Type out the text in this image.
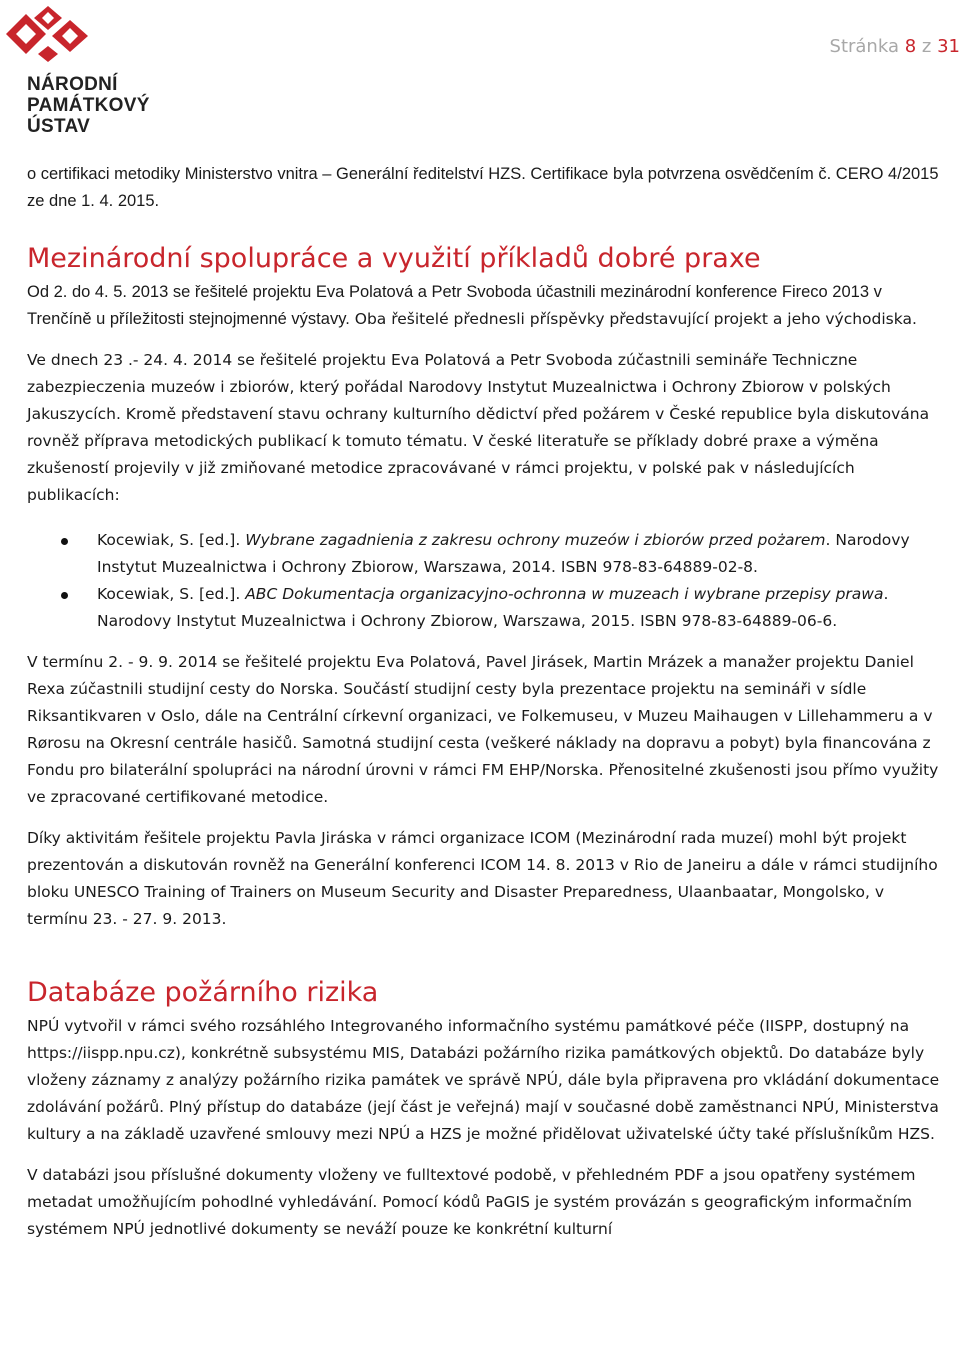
NÁRODNÍ
PAMÁTKOVÝ
ÚSTAV
Stránka 8 z 31

o certifikaci metodiky Ministerstvo vnitra – Generální ředitelství HZS. Certifikace byla potvrzena osvědčením č. CERO 4/2015 ze dne 1. 4. 2015.

Mezinárodní spolupráce a využití příkladů dobré praxe

Od 2. do 4. 5. 2013 se řešitelé projektu Eva Polatová a Petr Svoboda účastnili mezinárodní konference Fireco 2013 v Trenčíně u příležitosti stejnojmenné výstavy. Oba řešitelé přednesli příspěvky představující projekt a jeho východiska.

Ve dnech 23 .- 24. 4. 2014 se řešitelé projektu Eva Polatová a Petr Svoboda zúčastnili semináře Techniczne zabezpieczenia muzeów i zbiorów, který pořádal Narodovy Instytut Muzealnictwa i Ochrony Zbiorow v polských Jakuszycích. Kromě představení stavu ochrany kulturního dědictví před požárem v České republice byla diskutována rovněž příprava metodických publikací k tomuto tématu. V české literatuře se příklady dobré praxe a výměna zkušeností projevily v již zmiňované metodice zpracovávané v rámci projektu, v polské pak v následujících publikacích:

Kocewiak, S. [ed.]. Wybrane zagadnienia z zakresu ochrony muzeów i zbiorów przed pożarem. Narodovy Instytut Muzealnictwa i Ochrony Zbiorow, Warszawa, 2014. ISBN 978-83-64889-02-8.
Kocewiak, S. [ed.]. ABC Dokumentacja organizacyjno-ochronna w muzeach i wybrane przepisy prawa. Narodovy Instytut Muzealnictwa i Ochrony Zbiorow, Warszawa, 2015. ISBN 978-83-64889-06-6.

V termínu 2. - 9. 9. 2014 se řešitelé projektu Eva Polatová, Pavel Jirásek, Martin Mrázek a manažer projektu Daniel Rexa zúčastnili studijní cesty do Norska. Součástí studijní cesty byla prezentace projektu na semináři v sídle Riksantikvaren v Oslo, dále na Centrální církevní organizaci, ve Folkemuseu, v Muzeu Maihaugen v Lillehammeru a v Rørosu na Okresní centrále hasičů. Samotná studijní cesta (veškeré náklady na dopravu a pobyt) byla financována z Fondu pro bilaterální spolupráci na národní úrovni v rámci FM EHP/Norska. Přenositelné zkušenosti jsou přímo využity ve zpracované certifikované metodice.

Díky aktivitám řešitele projektu Pavla Jiráska v rámci organizace ICOM (Mezinárodní rada muzeí) mohl být projekt prezentován a diskutován rovněž na Generální konferenci ICOM 14. 8. 2013 v Rio de Janeiru a dále v rámci studijního bloku UNESCO Training of Trainers on Museum Security and Disaster Preparedness, Ulaanbaatar, Mongolsko, v termínu 23. - 27. 9. 2013.

Databáze požárního rizika

NPÚ vytvořil v rámci svého rozsáhlého Integrovaného informačního systému památkové péče (IISPP, dostupný na https://iispp.npu.cz), konkrétně subsystému MIS, Databázi požárního rizika památkových objektů. Do databáze byly vloženy záznamy z analýzy požárního rizika památek ve správě NPÚ, dále byla připravena pro vkládání dokumentace zdolávání požárů. Plný přístup do databáze (její část je veřejná) mají v současné době zaměstnanci NPÚ, Ministerstva kultury a na základě uzavřené smlouvy mezi NPÚ a HZS je možné přidělovat uživatelské účty také příslušníkům HZS.

V databázi jsou příslušné dokumenty vloženy ve fulltextové podobě, v přehledném PDF a jsou opatřeny systémem metadat umožňujícím pohodlné vyhledávání. Pomocí kódů PaGIS je systém provázán s geografickým informačním systémem NPÚ jednotlivé dokumenty se neváží pouze ke konkrétní kulturní
